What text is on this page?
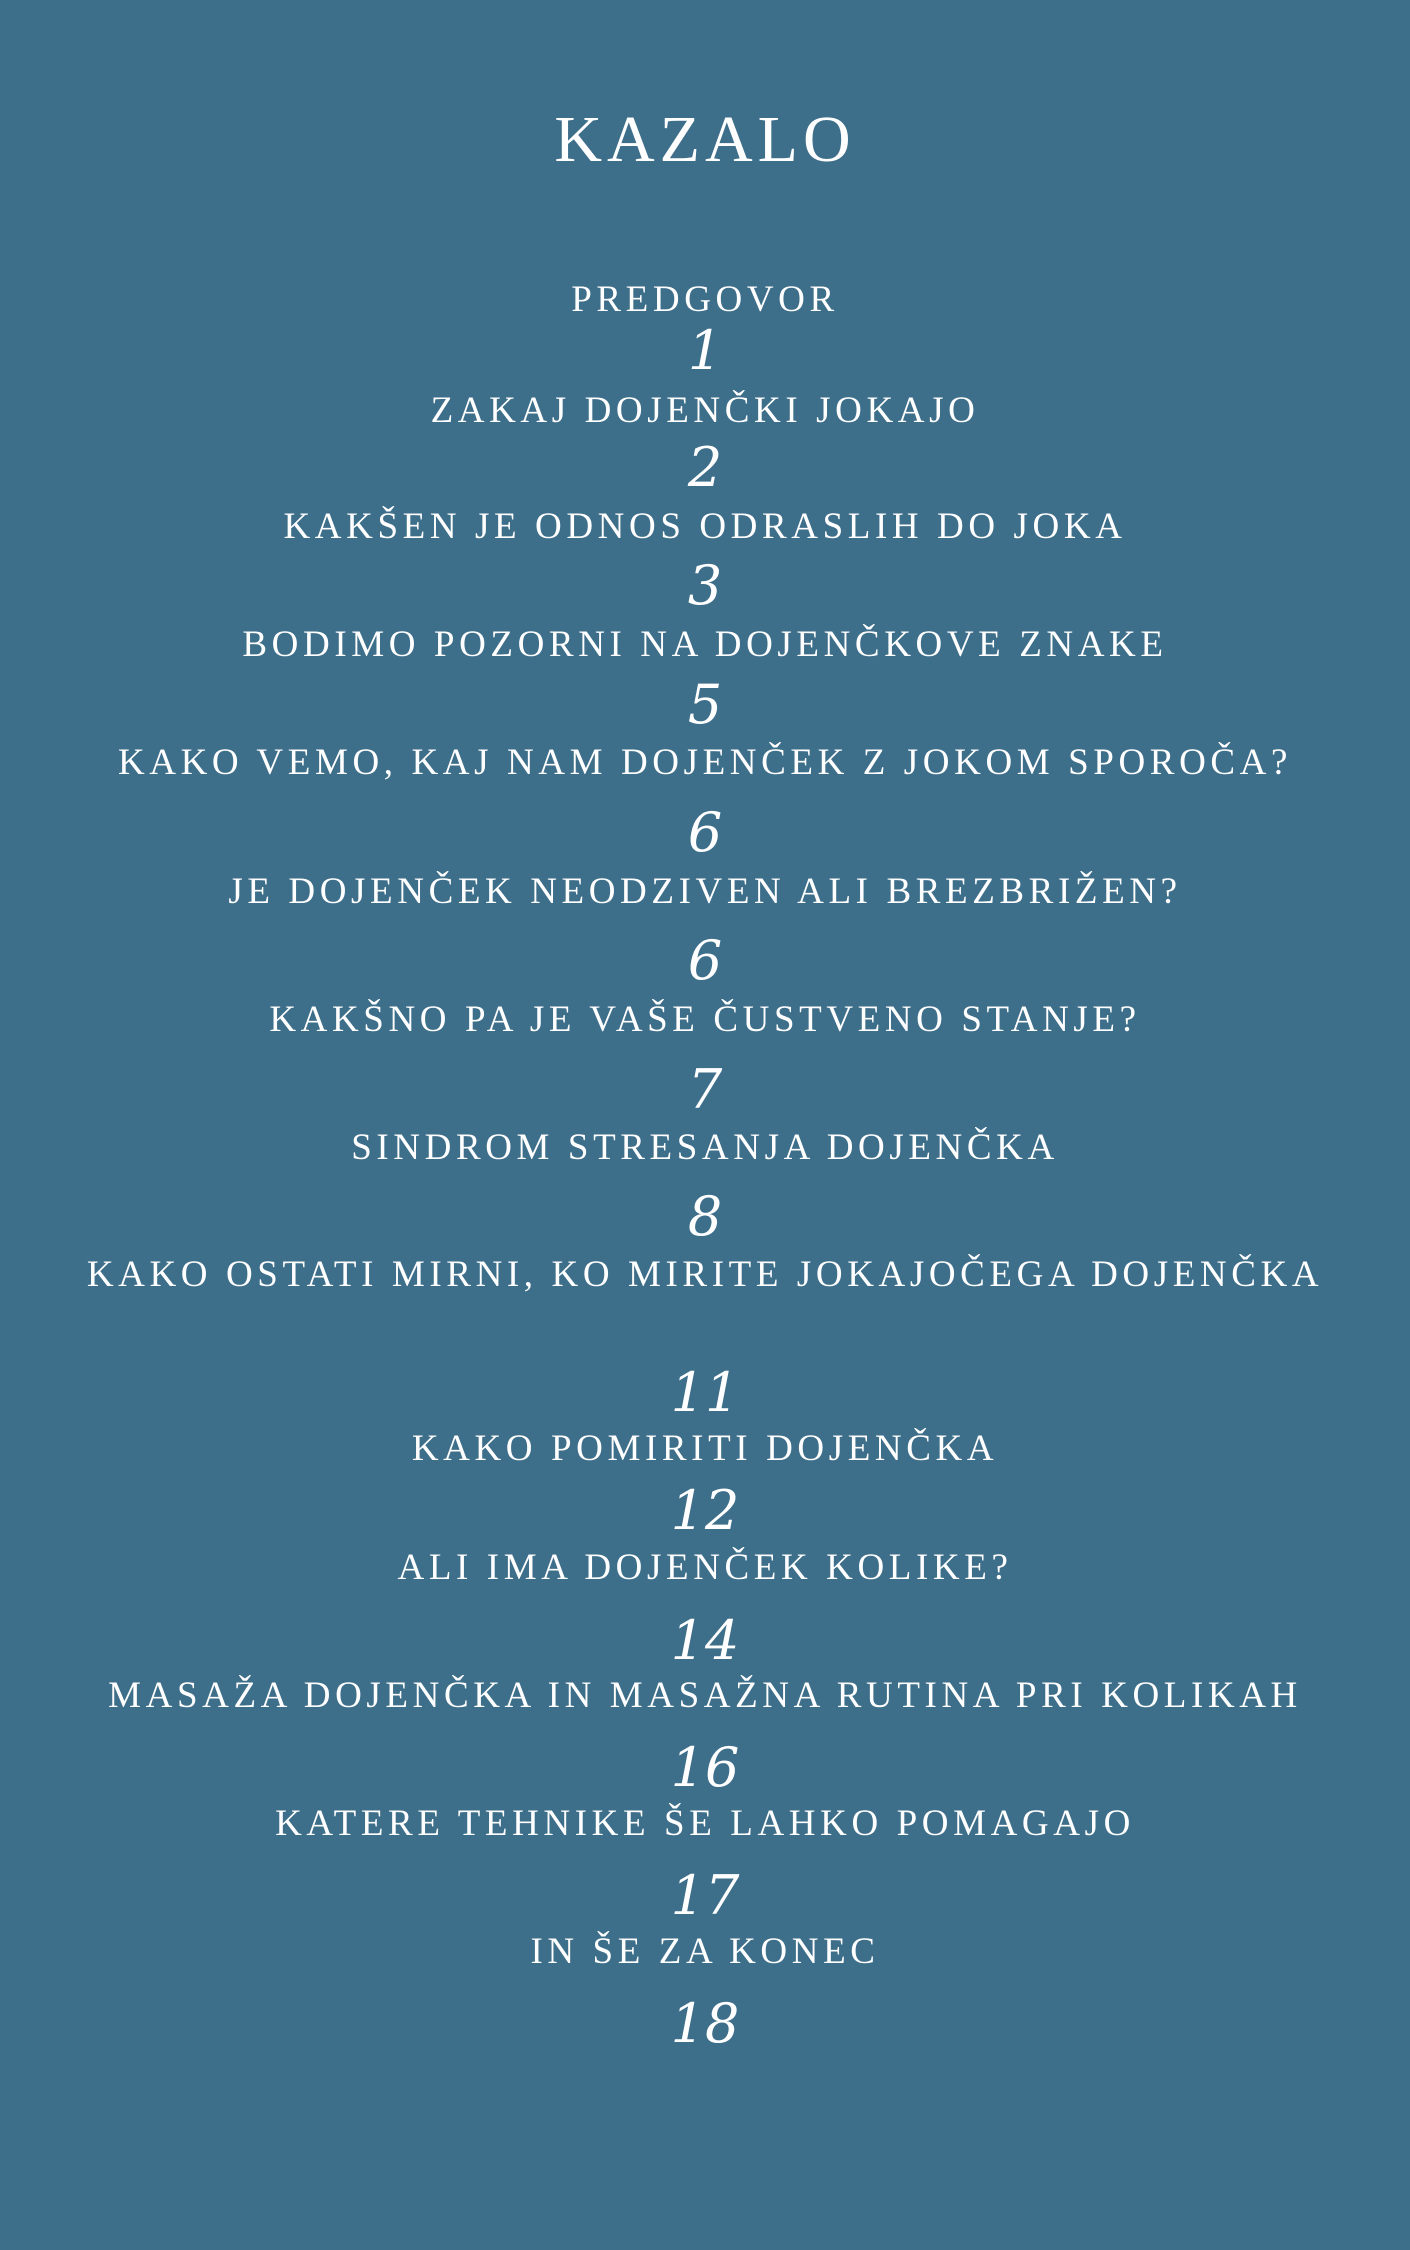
KAZALO
PREDGOVOR
1
ZAKAJ DOJENČKI JOKAJO
2
KAKŠEN JE ODNOS ODRASLIH DO JOKA
3
BODIMO POZORNI NA DOJENČKOVE ZNAKE
5
KAKO VEMO, KAJ NAM DOJENČEK Z JOKOM SPOROČA?
6
JE DOJENČEK NEODZIVEN ALI BREZBRIŽEN?
6
KAKŠNO PA JE VAŠE ČUSTVENO STANJE?
7
SINDROM STRESANJA DOJENČKA
8
KAKO OSTATI MIRNI, KO MIRITE JOKAJOČEGA DOJENČKA
11
KAKO POMIRITI DOJENČKA
12
ALI IMA DOJENČEK KOLIKE?
14
MASAŽA DOJENČKA IN MASAŽNA RUTINA PRI KOLIKAH
16
KATERE TEHNIKE ŠE LAHKO POMAGAJO
17
IN ŠE ZA KONEC
18
